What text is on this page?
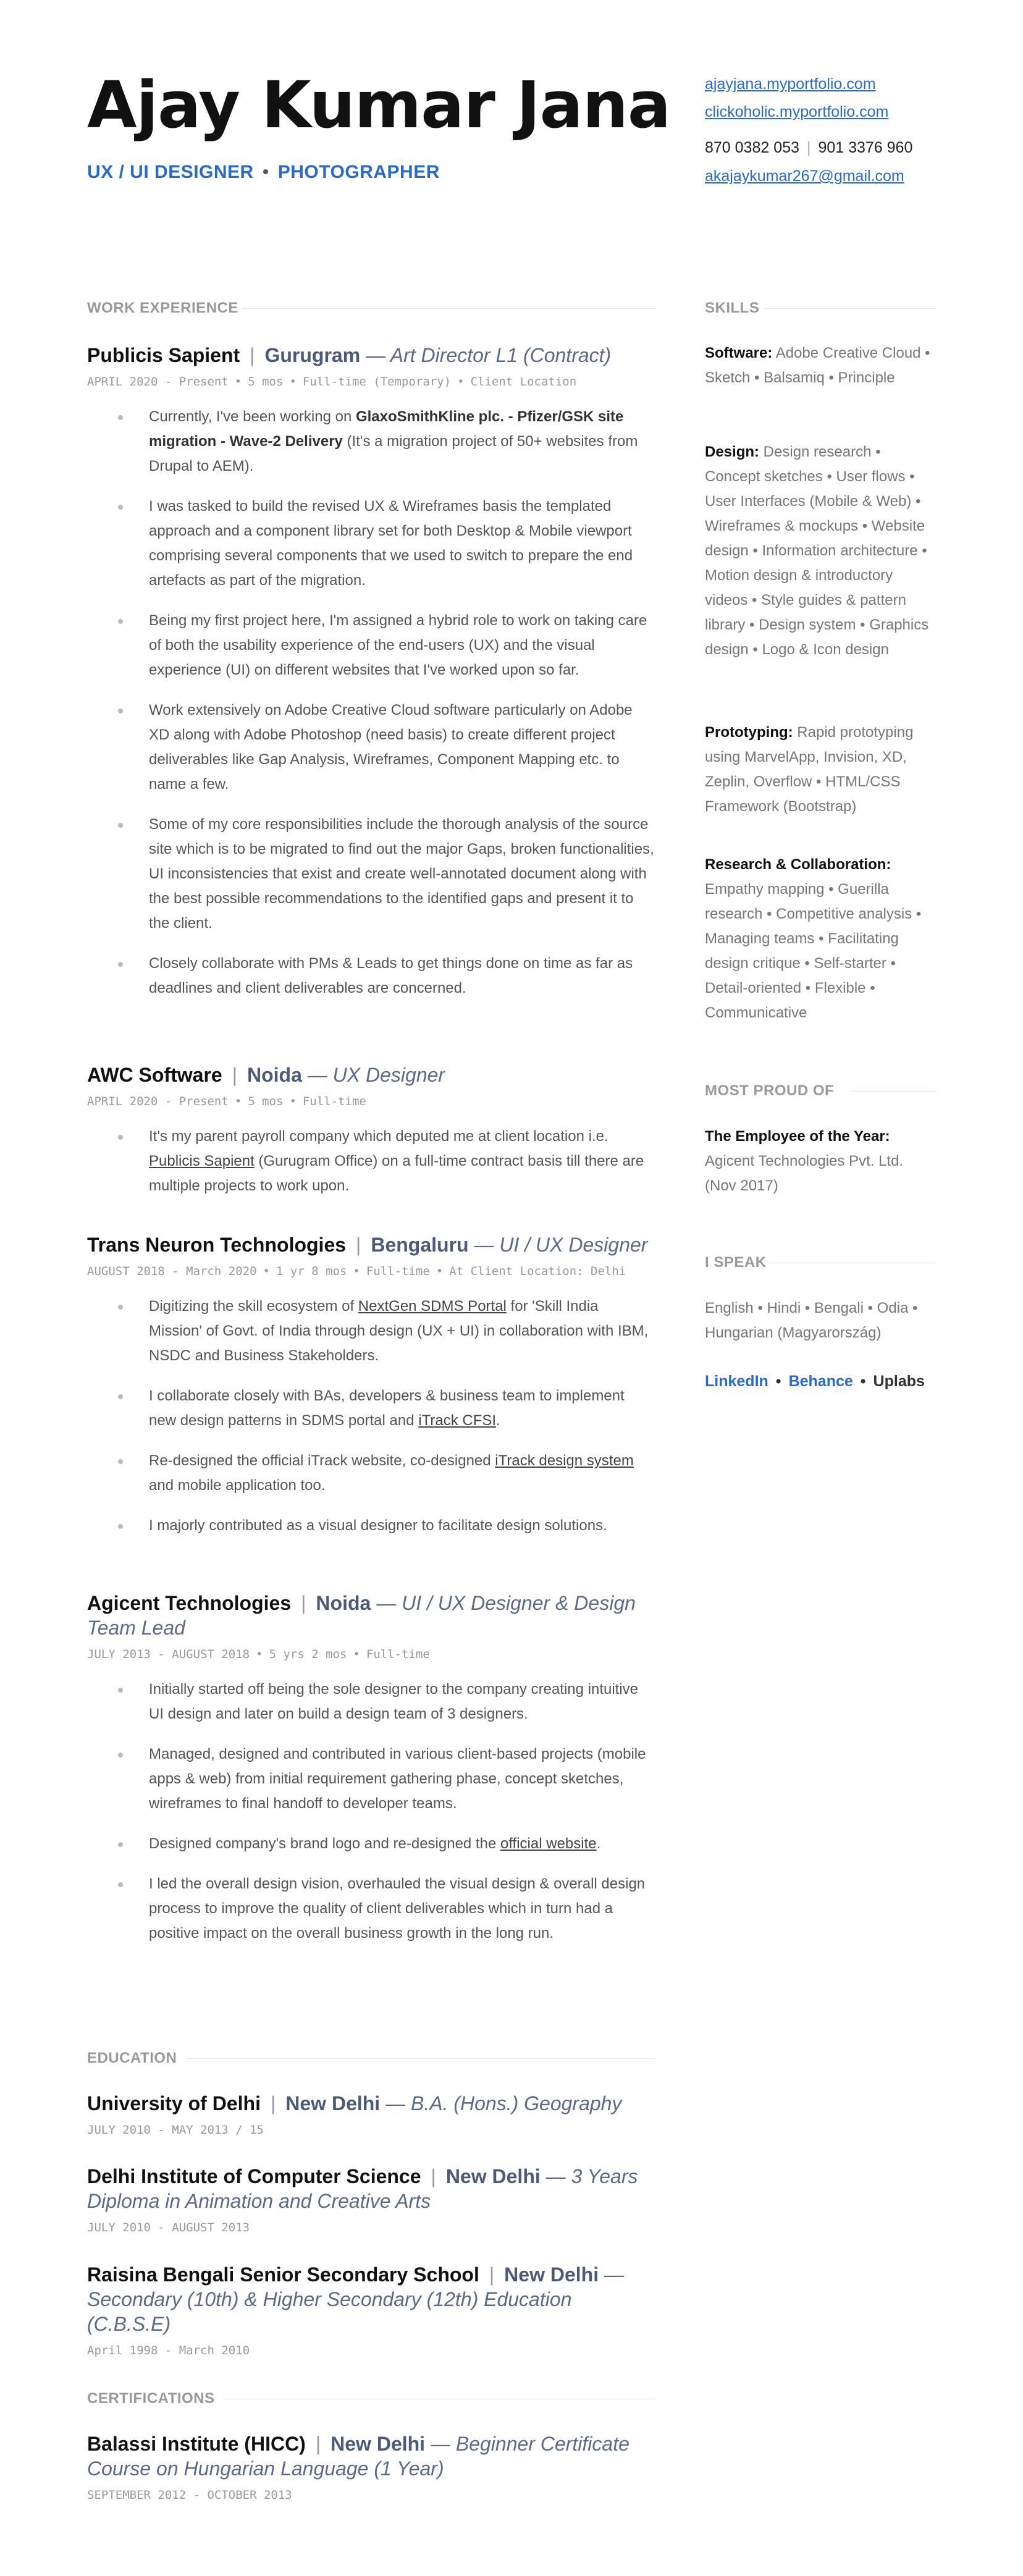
Ajay Kumar Jana
UX / UI DESIGNER • PHOTOGRAPHER
ajayjana.myportfolio.com
clickoholic.myportfolio.com
870 0382 053 | 901 3376 960
akajaykumar267@gmail.com
WORK EXPERIENCE
Publicis Sapient | Gurugram — Art Director L1 (Contract)
APRIL 2020 - Present • 5 mos • Full-time (Temporary) • Client Location
Currently, I've been working on GlaxoSmithKline plc. - Pfizer/GSK site migration - Wave-2 Delivery (It's a migration project of 50+ websites from Drupal to AEM).
I was tasked to build the revised UX & Wireframes basis the templated approach and a component library set for both Desktop & Mobile viewport comprising several components that we used to switch to prepare the end artefacts as part of the migration.
Being my first project here, I'm assigned a hybrid role to work on taking care of both the usability experience of the end-users (UX) and the visual experience (UI) on different websites that I've worked upon so far.
Work extensively on Adobe Creative Cloud software particularly on Adobe XD along with Adobe Photoshop (need basis) to create different project deliverables like Gap Analysis, Wireframes, Component Mapping etc. to name a few.
Some of my core responsibilities include the thorough analysis of the source site which is to be migrated to find out the major Gaps, broken functionalities, UI inconsistencies that exist and create well-annotated document along with the best possible recommendations to the identified gaps and present it to the client.
Closely collaborate with PMs & Leads to get things done on time as far as deadlines and client deliverables are concerned.
AWC Software | Noida — UX Designer
APRIL 2020 - Present • 5 mos • Full-time
It's my parent payroll company which deputed me at client location i.e. Publicis Sapient (Gurugram Office) on a full-time contract basis till there are multiple projects to work upon.
Trans Neuron Technologies | Bengaluru — UI / UX Designer
AUGUST 2018 - March 2020 • 1 yr 8 mos • Full-time • At Client Location: Delhi
Digitizing the skill ecosystem of NextGen SDMS Portal for 'Skill India Mission' of Govt. of India through design (UX + UI) in collaboration with IBM, NSDC and Business Stakeholders.
I collaborate closely with BAs, developers & business team to implement new design patterns in SDMS portal and iTrack CFSI.
Re-designed the official iTrack website, co-designed iTrack design system and mobile application too.
I majorly contributed as a visual designer to facilitate design solutions.
Agicent Technologies | Noida — UI / UX Designer & Design Team Lead
JULY 2013 - AUGUST 2018 • 5 yrs 2 mos • Full-time
Initially started off being the sole designer to the company creating intuitive UI design and later on build a design team of 3 designers.
Managed, designed and contributed in various client-based projects (mobile apps & web) from initial requirement gathering phase, concept sketches, wireframes to final handoff to developer teams.
Designed company's brand logo and re-designed the official website.
I led the overall design vision, overhauled the visual design & overall design process to improve the quality of client deliverables which in turn had a positive impact on the overall business growth in the long run.
EDUCATION
University of Delhi | New Delhi — B.A. (Hons.) Geography
JULY 2010 - MAY 2013 / 15
Delhi Institute of Computer Science | New Delhi — 3 Years Diploma in Animation and Creative Arts
JULY 2010 - AUGUST 2013
Raisina Bengali Senior Secondary School | New Delhi — Secondary (10th) & Higher Secondary (12th) Education (C.B.S.E)
April 1998 - March 2010
CERTIFICATIONS
Balassi Institute (HICC) | New Delhi — Beginner Certificate Course on Hungarian Language (1 Year)
SEPTEMBER 2012 - OCTOBER 2013
SKILLS
Software: Adobe Creative Cloud • Sketch • Balsamiq • Principle
Design: Design research • Concept sketches • User flows • User Interfaces (Mobile & Web) • Wireframes & mockups • Website design • Information architecture • Motion design & introductory videos • Style guides & pattern library • Design system • Graphics design • Logo & Icon design
Prototyping: Rapid prototyping using MarvelApp, Invision, XD, Zeplin, Overflow • HTML/CSS Framework (Bootstrap)
Research & Collaboration: Empathy mapping • Guerilla research • Competitive analysis • Managing teams • Facilitating design critique • Self-starter • Detail-oriented • Flexible • Communicative
MOST PROUD OF
The Employee of the Year:
Agicent Technologies Pvt. Ltd. (Nov 2017)
I SPEAK
English • Hindi • Bengali • Odia • Hungarian (Magyarország)
LinkedIn • Behance • Uplabs
